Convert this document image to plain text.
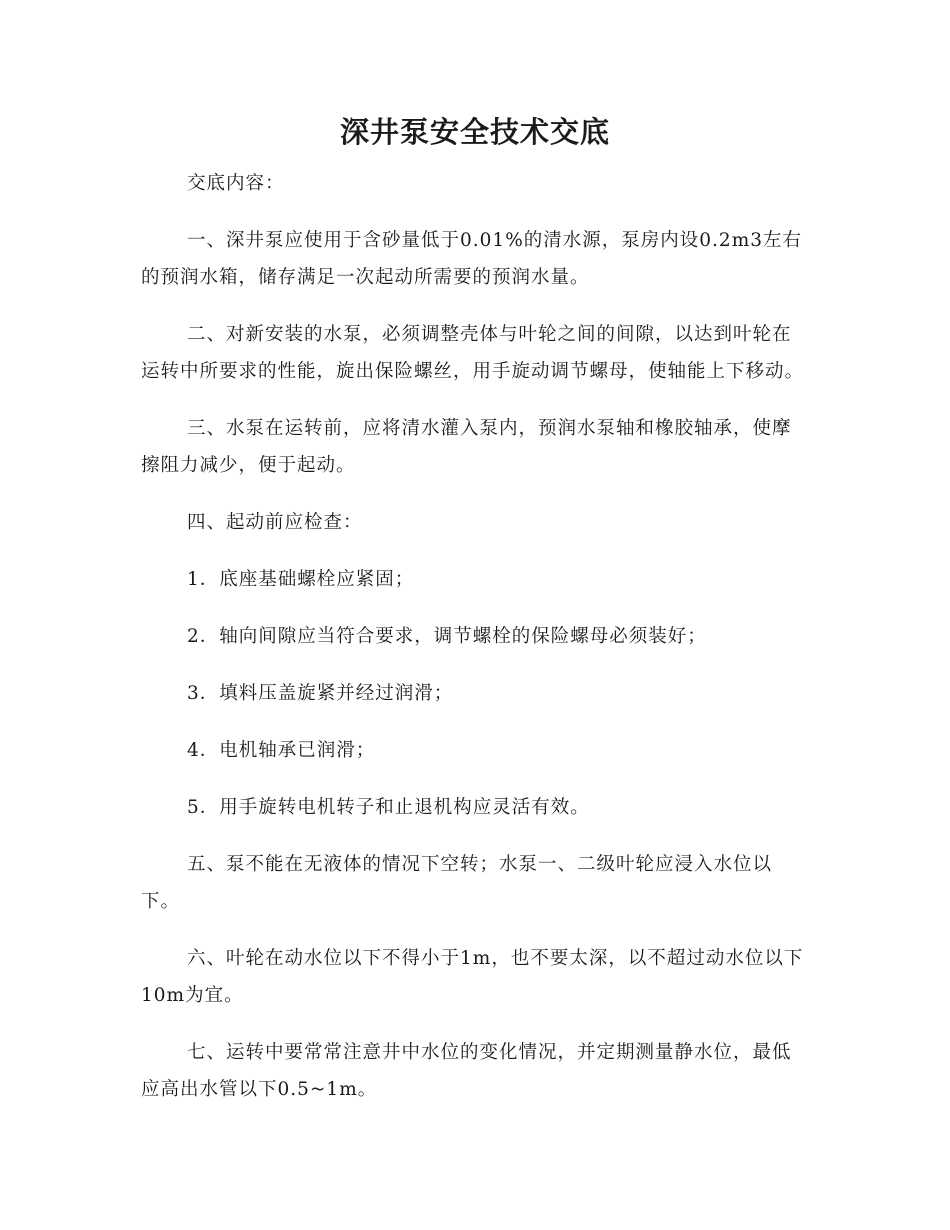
深井泵安全技术交底

交底内容：

一、深井泵应使用于含砂量低于0.01%的清水源，泵房内设0.2m3左右的预润水箱，储存满足一次起动所需要的预润水量。

二、对新安装的水泵，必须调整壳体与叶轮之间的间隙，以达到叶轮在运转中所要求的性能，旋出保险螺丝，用手旋动调节螺母，使轴能上下移动。

三、水泵在运转前，应将清水灌入泵内，预润水泵轴和橡胶轴承，使摩擦阻力减少，便于起动。

四、起动前应检查：

1．底座基础螺栓应紧固；

2．轴向间隙应当符合要求，调节螺栓的保险螺母必须装好；

3．填料压盖旋紧并经过润滑；

4．电机轴承已润滑；

5．用手旋转电机转子和止退机构应灵活有效。

五、泵不能在无液体的情况下空转；水泵一、二级叶轮应浸入水位以下。

六、叶轮在动水位以下不得小于1m，也不要太深，以不超过动水位以下10m为宜。

七、运转中要常常注意井中水位的变化情况，并定期测量静水位，最低应高出水管以下0.5~1m。
